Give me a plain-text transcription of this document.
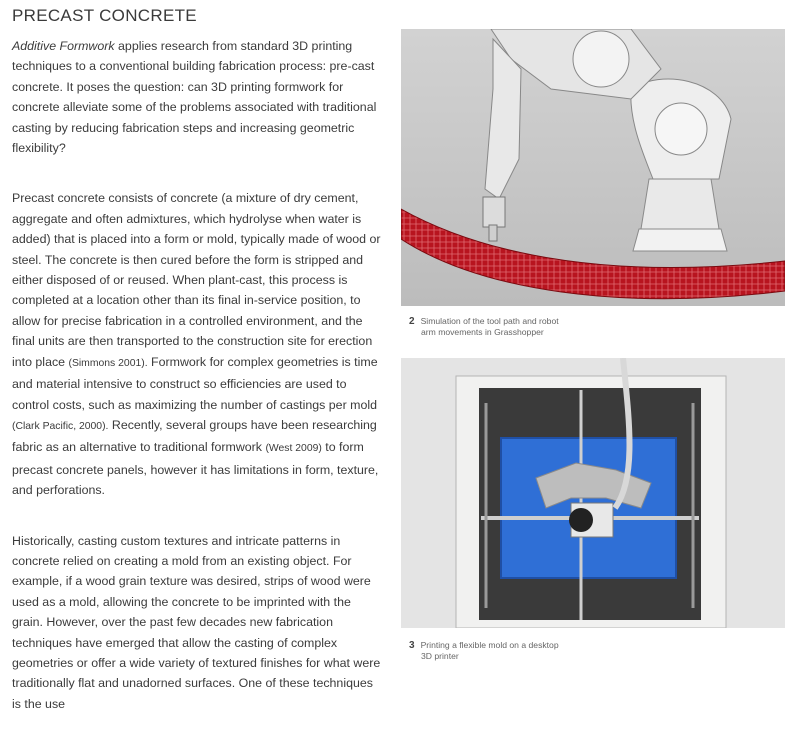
PRECAST CONCRETE

Additive Formwork applies research from standard 3D printing techniques to a conventional building fabrication process: pre-cast concrete. It poses the question: can 3D printing formwork for concrete alleviate some of the problems associated with traditional casting by reducing fabrication steps and increasing geometric flexibility?

Precast concrete consists of concrete (a mixture of dry cement, aggregate and often admixtures, which hydrolyse when water is added) that is placed into a form or mold, typically made of wood or steel. The concrete is then cured before the form is stripped and either disposed of or reused. When plant-cast, this process is completed at a location other than its final in-service position, to allow for precise fabrication in a controlled environment, and the final units are then transported to the construction site for erection into place (Simmons 2001). Formwork for complex geometries is time and material intensive to construct so efficiencies are used to control costs, such as maximizing the number of castings per mold (Clark Pacific, 2000). Recently, several groups have been researching fabric as an alternative to traditional formwork (West 2009) to form precast concrete panels, however it has limitations in form, texture, and perforations.

Historically, casting custom textures and intricate patterns in concrete relied on creating a mold from an existing object. For example, if a wood grain texture was desired, strips of wood were used as a mold, allowing the concrete to be imprinted with the grain. However, over the past few decades new fabrication techniques have emerged that allow the casting of complex geometries or offer a wide variety of textured finishes for what were traditionally flat and unadorned surfaces. One of these techniques is the use

2 Simulation of the tool path and robot
arm movements in Grasshopper
3 Printing a flexible mold on a desktop
3D printer
